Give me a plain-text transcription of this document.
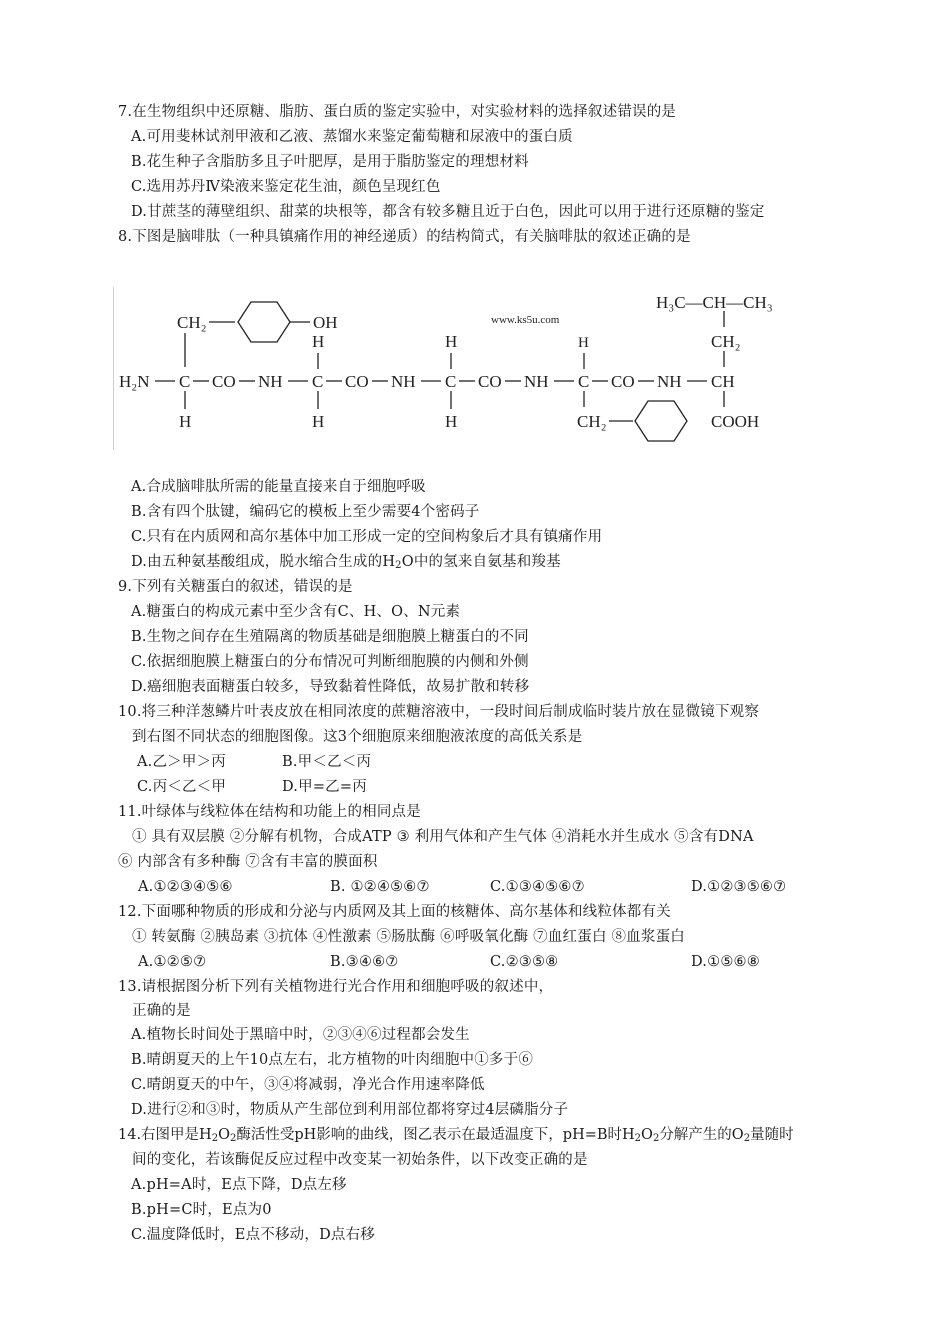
7.在生物组织中还原糖、脂肪、蛋白质的鉴定实验中，对实验材料的选择叙述错误的是
A.可用斐林试剂甲液和乙液、蒸馏水来鉴定葡萄糖和尿液中的蛋白质
B.花生种子含脂肪多且子叶肥厚，是用于脂肪鉴定的理想材料
C.选用苏丹Ⅳ染液来鉴定花生油，颜色呈现红色
D.甘蔗茎的薄壁组织、甜菜的块根等，都含有较多糖且近于白色，因此可以用于进行还原糖的鉴定
8.下图是脑啡肽（一种具镇痛作用的神经递质）的结构简式，有关脑啡肽的叙述正确的是
www.ks5u.com
CH₂	OH
H₂N C CO NH C CO NH C CO NH C CO NH CH
H
H
H
H
H
H
CH₂
H₃C—CH—CH₃
CH₂
COOH
A.合成脑啡肽所需的能量直接来自于细胞呼吸
B.含有四个肽键，编码它的模板上至少需要4个密码子
C.只有在内质网和高尔基体中加工形成一定的空间构象后才具有镇痛作用
D.由五种氨基酸组成，脱水缩合生成的$H_2O$中的氢来自氨基和羧基
9.下列有关糖蛋白的叙述，错误的是
A.糖蛋白的构成元素中至少含有C、H、O、N元素
B.生物之间存在生殖隔离的物质基础是细胞膜上糖蛋白的不同
C.依据细胞膜上糖蛋白的分布情况可判断细胞膜的内侧和外侧
D.癌细胞表面糖蛋白较多，导致黏着性降低，故易扩散和转移
10.将三种洋葱鳞片叶表皮放在相同浓度的蔗糖溶液中，一段时间后制成临时装片放在显微镜下观察
到右图不同状态的细胞图像。这3个细胞原来细胞液浓度的高低关系是
A.乙＞甲＞丙	B.甲＜乙＜丙
C.丙＜乙＜甲	D.甲=乙=丙
11.叶绿体与线粒体在结构和功能上的相同点是
① 具有双层膜 ②分解有机物，合成ATP ③ 利用气体和产生气体 ④消耗水并生成水 ⑤含有DNA
⑥ 内部含有多种酶 ⑦含有丰富的膜面积
A.①②③④⑤⑥	B. ①②④⑤⑥⑦	C.①③④⑤⑥⑦	D.①②③⑤⑥⑦
12.下面哪种物质的形成和分泌与内质网及其上面的核糖体、高尔基体和线粒体都有关
① 转氨酶 ②胰岛素 ③抗体 ④性激素 ⑤肠肽酶 ⑥呼吸氧化酶 ⑦血红蛋白 ⑧血浆蛋白
A.①②⑤⑦	B.③④⑥⑦	C.②③⑤⑧	D.①⑤⑥⑧
13.请根据图分析下列有关植物进行光合作用和细胞呼吸的叙述中，
正确的是
A.植物长时间处于黑暗中时，②③④⑥过程都会发生
B.晴朗夏天的上午10点左右，北方植物的叶肉细胞中①多于⑥
C.晴朗夏天的中午，③④将减弱，净光合作用速率降低
D.进行②和③时，物质从产生部位到利用部位都将穿过4层磷脂分子
14.右图甲是$H_2O_2$酶活性受pH影响的曲线，图乙表示在最适温度下，pH=B时$H_2O_2$分解产生的$O_2$量随时
间的变化，若该酶促反应过程中改变某一初始条件，以下改变正确的是
A.pH=A时，E点下降，D点左移
B.pH=C时，E点为0
C.温度降低时，E点不移动，D点右移
